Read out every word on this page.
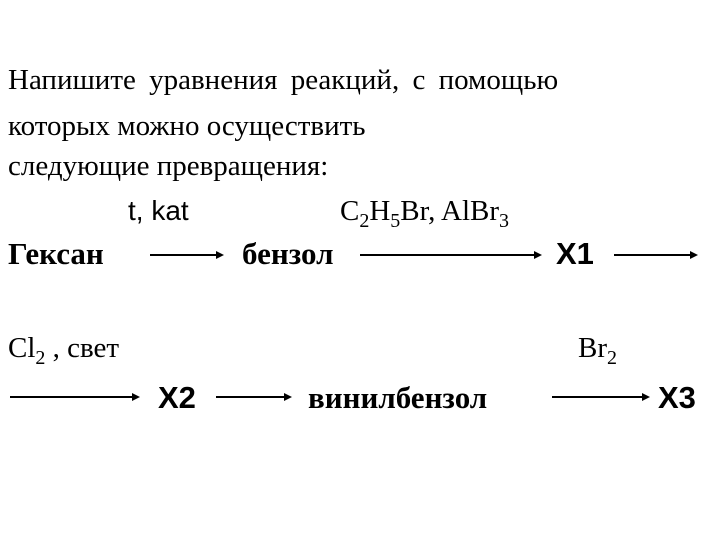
Напишите уравнения реакций, с помощью
которых можно осуществить
следующие превращения:
t, kat	$C_2H_5Br$, AlBr$_3$
Гексан	бензол	X1
$Cl_2$ , свет	$Br_2$
X2	винилбензол	X3
